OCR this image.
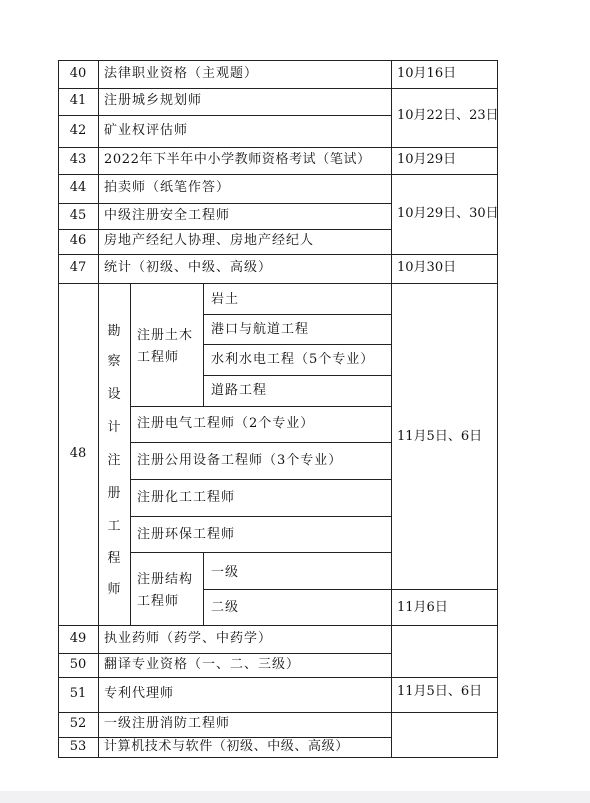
40
41
42
43
44
45
46
47
48
49
50
51
52
53
法律职业资格（主观题）
注册城乡规划师
矿业权评估师
2022年下半年中小学教师资格考试（笔试）
拍卖师（纸笔作答）
中级注册安全工程师
房地产经纪人协理、房地产经纪人
统计（初级、中级、高级）
执业药师（药学、中药学）
翻译专业资格（一、二、三级）
专利代理师
一级注册消防工程师
计算机技术与软件（初级、中级、高级）
勘
察
设
计
注
册
工
程
师
注册土木
工程师
岩土
港口与航道工程
水利水电工程（5个专业）
道路工程
注册电气工程师（2个专业）
注册公用设备工程师（3个专业）
注册化工工程师
注册环保工程师
注册结构
工程师
一级
二级
10月16日
10月22日、23日
10月29日
10月29日、30日
10月30日
11月5日、6日
11月6日
11月5日、6日
